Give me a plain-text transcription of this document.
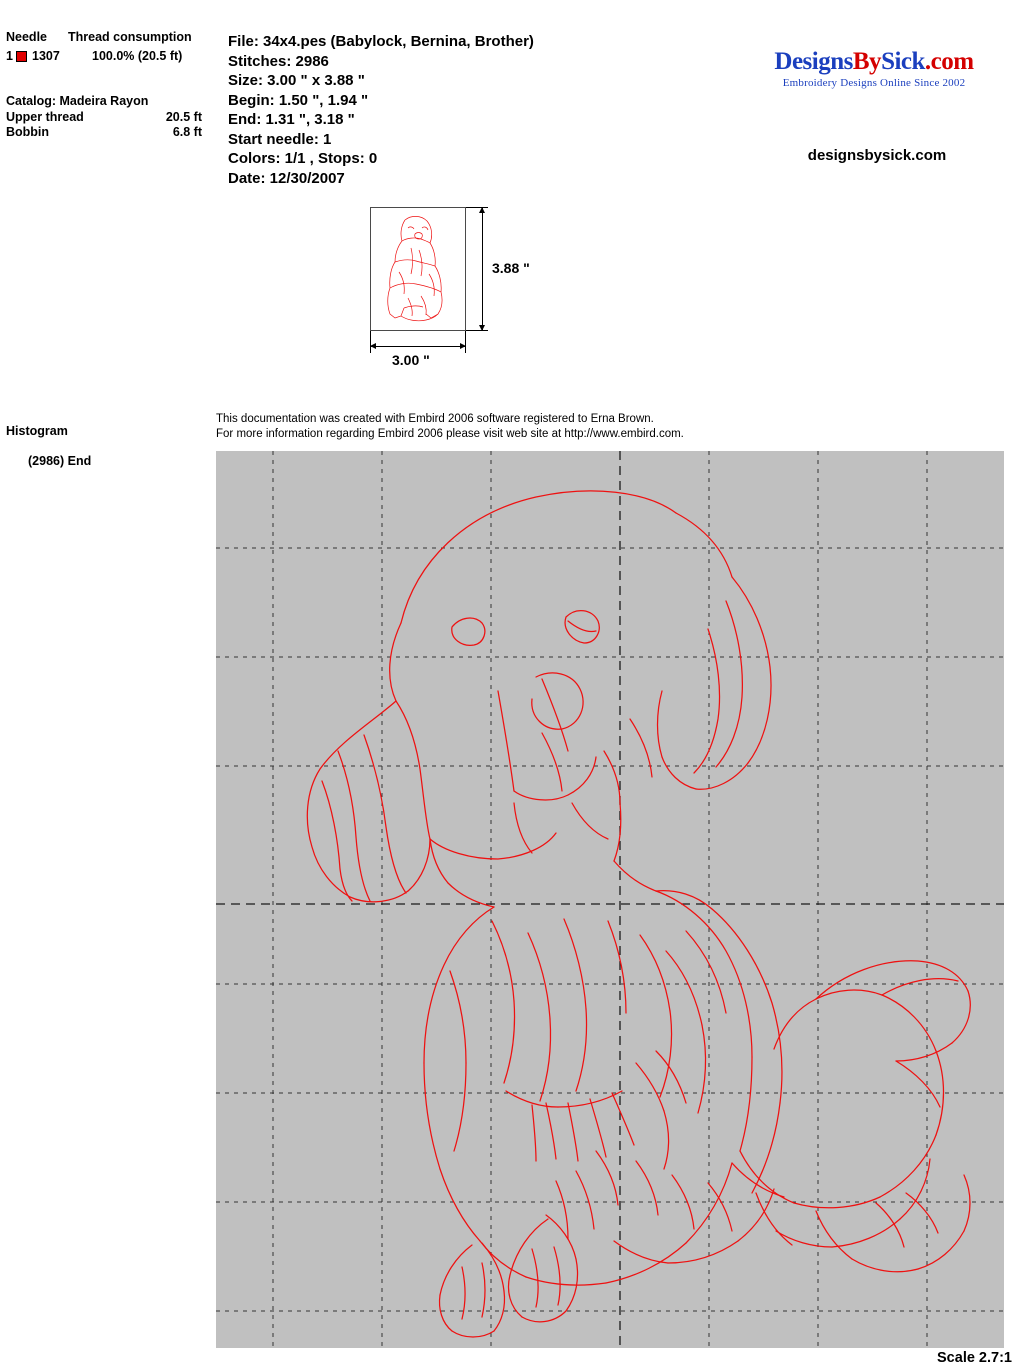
Needle	Thread consumption
1 1307	100.0% (20.5 ft)
Catalog: Madeira Rayon
Upper thread	20.5 ft
Bobbin	6.8 ft
File: 34x4.pes (Babylock, Bernina, Brother)
Stitches: 2986
Size: 3.00 " x 3.88 "
Begin: 1.50 ", 1.94 "
End: 1.31 ", 3.18 "
Start needle: 1
Colors: 1/1 , Stops: 0
Date: 12/30/2007
DesignsBySick.com
Embroidery Designs Online Since 2002
designsbysick.com
3.88 "
3.00 "
Histogram
(2986) End
This documentation was created with Embird 2006 software registered to Erna Brown.
For more information regarding Embird 2006 please visit web site at http://www.embird.com.
Scale 2.7:1
